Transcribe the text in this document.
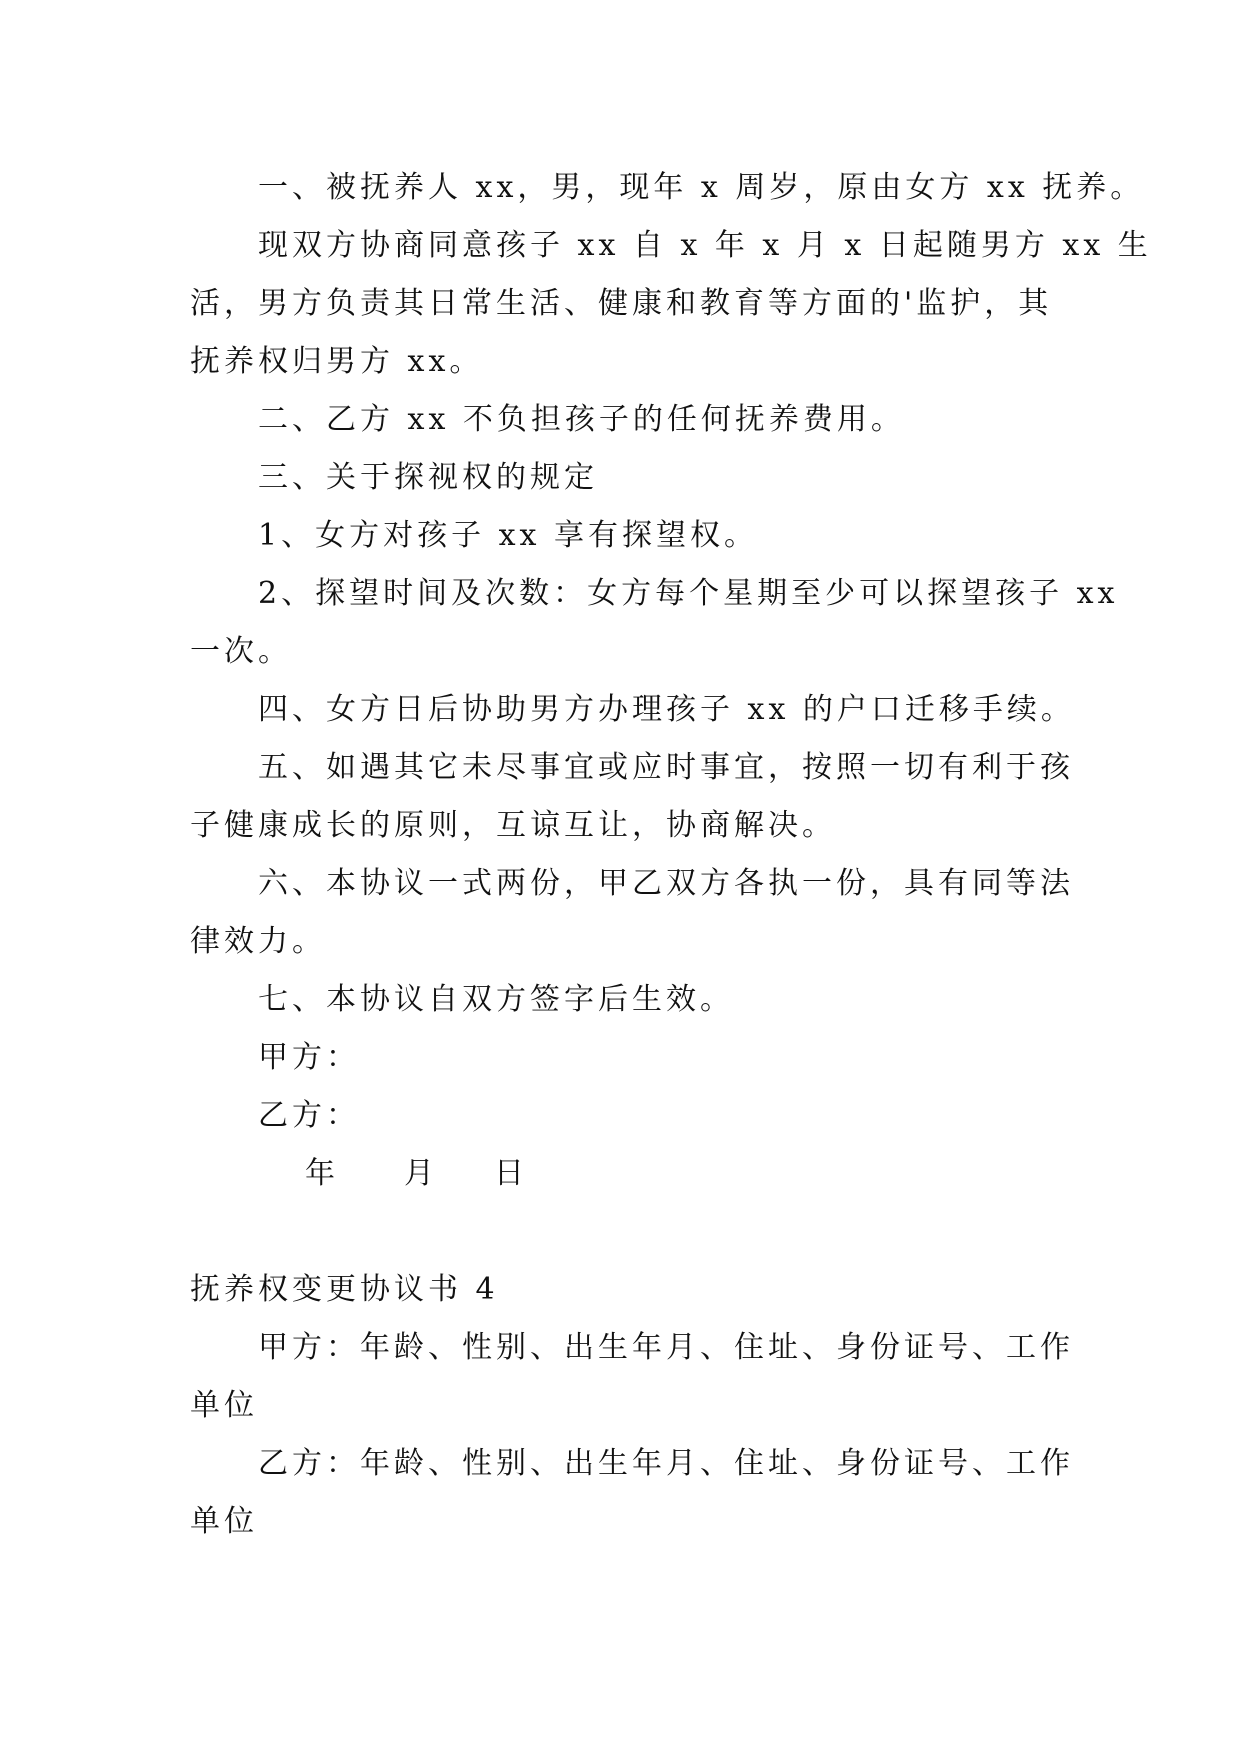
一、被抚养人 xx，男，现年 x 周岁，原由女方 xx 抚养。
现双方协商同意孩子 xx 自 x 年 x 月 x 日起随男方 xx 生
活，男方负责其日常生活、健康和教育等方面的'监护，其
抚养权归男方 xx。
二、乙方 xx 不负担孩子的任何抚养费用。
三、关于探视权的规定
1、女方对孩子 xx 享有探望权。
2、探望时间及次数：女方每个星期至少可以探望孩子 xx
一次。
四、女方日后协助男方办理孩子 xx 的户口迁移手续。
五、如遇其它未尽事宜或应时事宜，按照一切有利于孩
子健康成长的原则，互谅互让，协商解决。
六、本协议一式两份，甲乙双方各执一份，具有同等法
律效力。
七、本协议自双方签字后生效。
甲方：
乙方：
年 月 日
抚养权变更协议书 4
甲方：年龄、性别、出生年月、住址、身份证号、工作
单位
乙方：年龄、性别、出生年月、住址、身份证号、工作
单位
